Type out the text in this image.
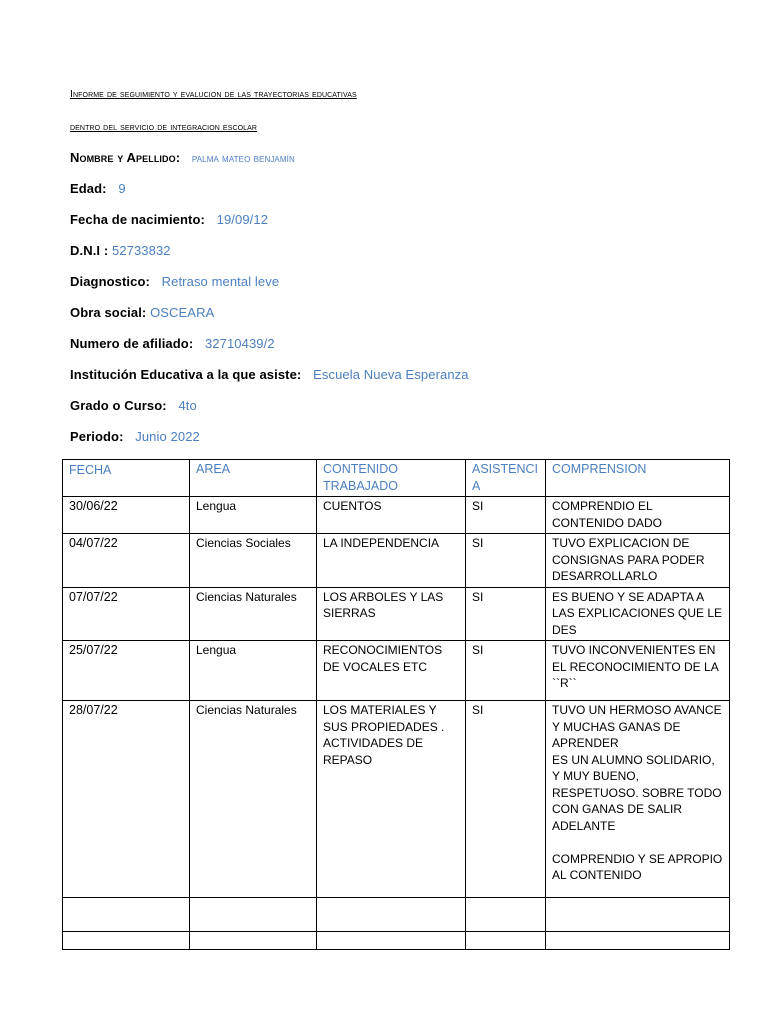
Informe de seguimiento y evalucion de las trayectorias educativas
dentro del servicio de integracion escolar
Nombre y Apellido: palma mateo benjamín
Edad: 9
Fecha de nacimiento: 19/09/12
D.N.I : 52733832
Diagnostico: Retraso mental leve
Obra social: OSCEARA
Numero de afiliado: 32710439/2
Institución Educativa a la que asiste: Escuela Nueva Esperanza
Grado o Curso: 4to
Periodo: Junio 2022
FECHA	AREA	CONTENIDO TRABAJADO	ASISTENCIA	COMPRENSION
30/06/22	Lengua	CUENTOS	SI	COMPRENDIO EL CONTENIDO DADO
04/07/22	Ciencias Sociales	LA INDEPENDENCIA	SI	TUVO EXPLICACION DE CONSIGNAS PARA PODER DESARROLLARLO
07/07/22	Ciencias Naturales	LOS ARBOLES Y LAS SIERRAS	SI	ES BUENO Y SE ADAPTA A LAS EXPLICACIONES QUE LE DES
25/07/22	Lengua	RECONOCIMIENTOS DE VOCALES ETC	SI	TUVO INCONVENIENTES EN EL RECONOCIMIENTO DE LA ``R``
28/07/22	Ciencias Naturales	LOS MATERIALES Y SUS PROPIEDADES . ACTIVIDADES DE REPASO	SI	TUVO UN HERMOSO AVANCE Y MUCHAS GANAS DE APRENDER
ES UN ALUMNO SOLIDARIO, Y MUY BUENO, RESPETUOSO. SOBRE TODO CON GANAS DE SALIR ADELANTE

COMPRENDIO Y SE APROPIO AL CONTENIDO
